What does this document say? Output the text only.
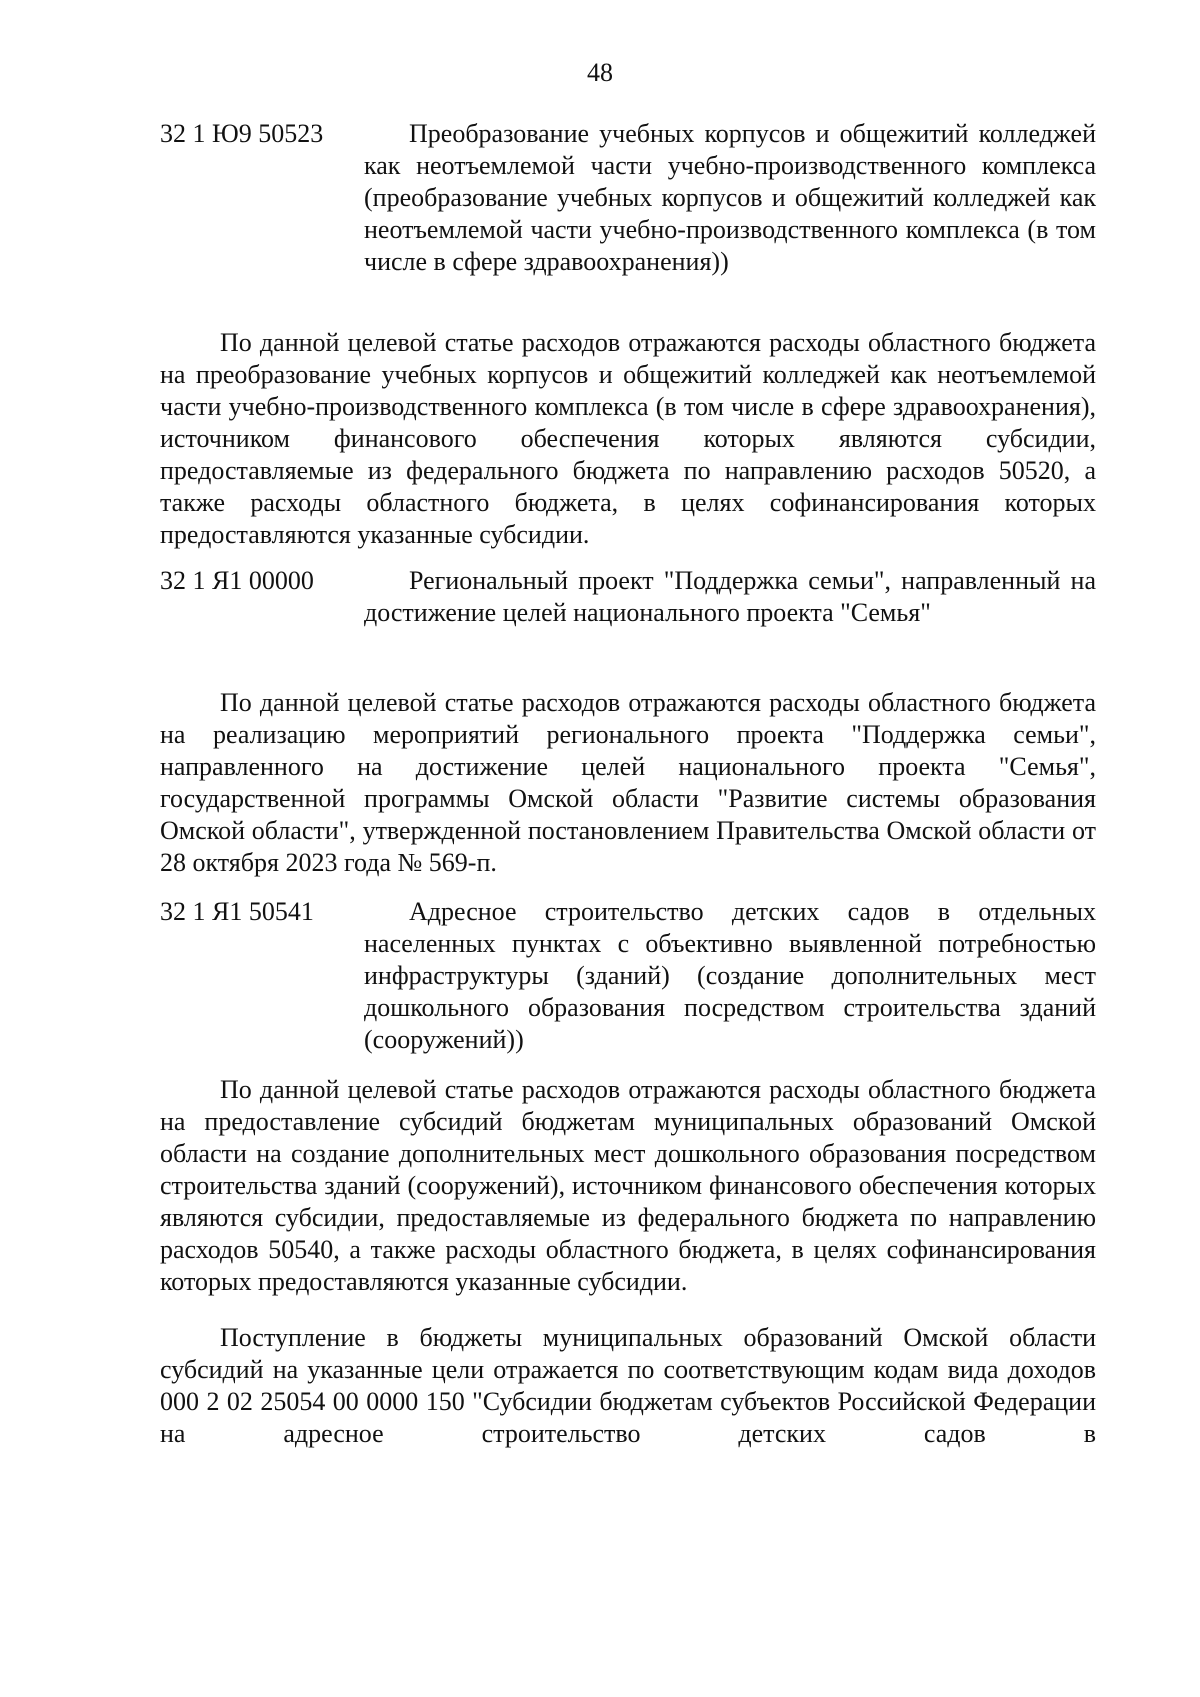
48
32 1 Ю9 50523	Преобразование учебных корпусов и общежитий колледжей как неотъемлемой части учебно-производственного комплекса (преобразование учебных корпусов и общежитий колледжей как неотъемлемой части учебно-производственного комплекса (в том числе в сфере здравоохранения))

По данной целевой статье расходов отражаются расходы областного бюджета на преобразование учебных корпусов и общежитий колледжей как неотъемлемой части учебно-производственного комплекса (в том числе в сфере здравоохранения), источником финансового обеспечения которых являются субсидии, предоставляемые из федерального бюджета по направлению расходов 50520, а также расходы областного бюджета, в целях софинансирования которых предоставляются указанные субсидии.

32 1 Я1 00000	Региональный проект "Поддержка семьи", направленный на достижение целей национального проекта "Семья"

По данной целевой статье расходов отражаются расходы областного бюджета на реализацию мероприятий регионального проекта "Поддержка семьи", направленного на достижение целей национального проекта "Семья", государственной программы Омской области "Развитие системы образования Омской области", утвержденной постановлением Правительства Омской области от 28 октября 2023 года № 569-п.

32 1 Я1 50541	Адресное строительство детских садов в отдельных населенных пунктах с объективно выявленной потребностью инфраструктуры (зданий) (создание дополнительных мест дошкольного образования посредством строительства зданий (сооружений))

По данной целевой статье расходов отражаются расходы областного бюджета на предоставление субсидий бюджетам муниципальных образований Омской области на создание дополнительных мест дошкольного образования посредством строительства зданий (сооружений), источником финансового обеспечения которых являются субсидии, предоставляемые из федерального бюджета по направлению расходов 50540, а также расходы областного бюджета, в целях софинансирования которых предоставляются указанные субсидии.

Поступление в бюджеты муниципальных образований Омской области субсидий на указанные цели отражается по соответствующим кодам вида доходов 000 2 02 25054 00 0000 150 "Субсидии бюджетам субъектов Российской Федерации на адресное строительство детских садов в
